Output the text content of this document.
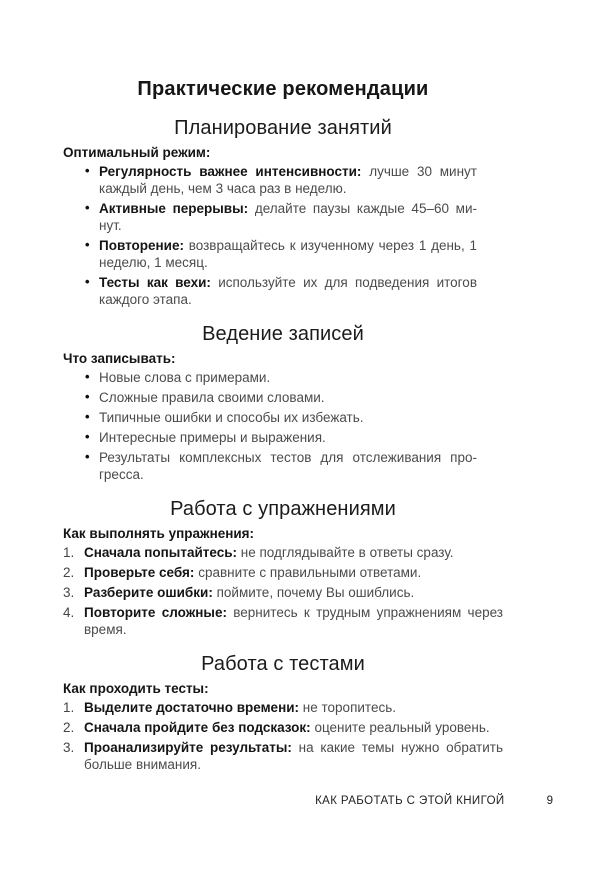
Практические рекомендации
Планирование занятий

Оптимальный режим:

• Регулярность важнее интенсивности: лучше 30 минут каждый день, чем 3 часа раз в неделю.
• Активные перерывы: делайте паузы каждые 45–60 минут.
• Повторение: возвращайтесь к изученному через 1 день, 1 неделю, 1 месяц.
• Тесты как вехи: используйте их для подведения итогов каждого этапа.
Ведение записей

Что записывать:

• Новые слова с примерами.
• Сложные правила своими словами.
• Типичные ошибки и способы их избежать.
• Интересные примеры и выражения.
• Результаты комплексных тестов для отслеживания прогресса.
Работа с упражнениями

Как выполнять упражнения:

1. Сначала попытайтесь: не подглядывайте в ответы сразу.
2. Проверьте себя: сравните с правильными ответами.
3. Разберите ошибки: поймите, почему Вы ошиблись.
4. Повторите сложные: вернитесь к трудным упражнениям через время.
Работа с тестами

Как проходить тесты:

1. Выделите достаточно времени: не торопитесь.
2. Сначала пройдите без подсказок: оцените реальный уровень.
3. Проанализируйте результаты: на какие темы нужно обратить больше внимания.
КАК РАБОТАТЬ С ЭТОЙ КНИГОЙ	9
